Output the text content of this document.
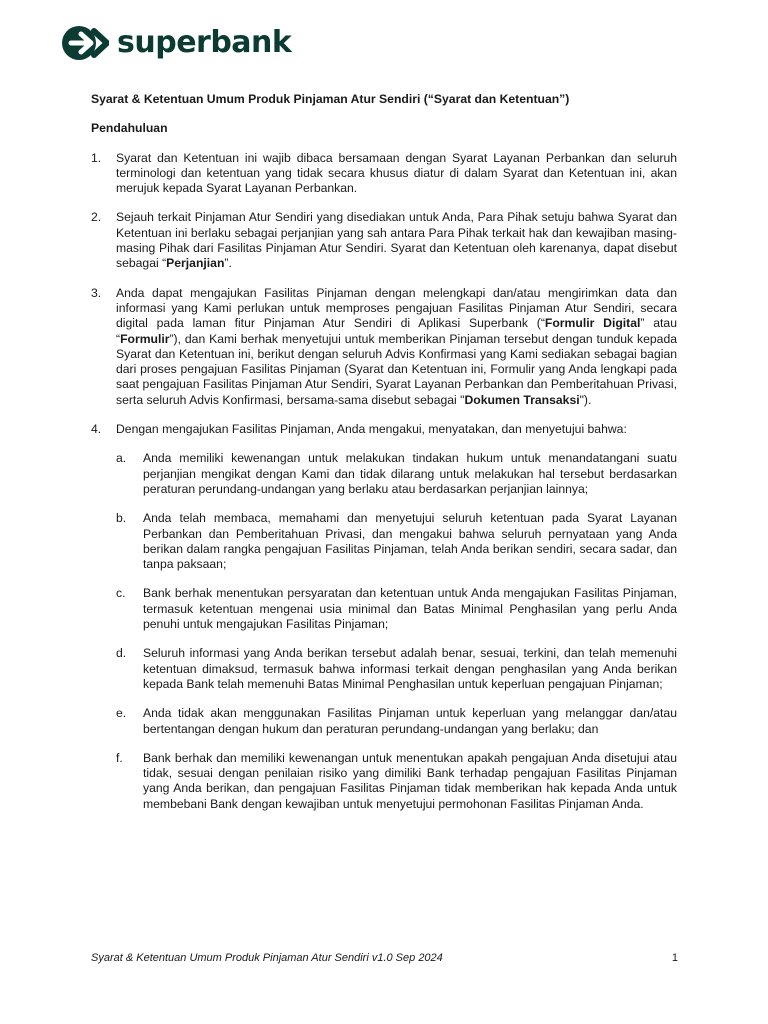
superbank

Syarat & Ketentuan Umum Produk Pinjaman Atur Sendiri (“Syarat dan Ketentuan”)

Pendahuluan

1.	Syarat dan Ketentuan ini wajib dibaca bersamaan dengan Syarat Layanan Perbankan dan seluruh terminologi dan ketentuan yang tidak secara khusus diatur di dalam Syarat dan Ketentuan ini, akan merujuk kepada Syarat Layanan Perbankan.

2.	Sejauh terkait Pinjaman Atur Sendiri yang disediakan untuk Anda, Para Pihak setuju bahwa Syarat dan Ketentuan ini berlaku sebagai perjanjian yang sah antara Para Pihak terkait hak dan kewajiban masing-masing Pihak dari Fasilitas Pinjaman Atur Sendiri. Syarat dan Ketentuan oleh karenanya, dapat disebut sebagai “Perjanjian”.

3.	Anda dapat mengajukan Fasilitas Pinjaman dengan melengkapi dan/atau mengirimkan data dan informasi yang Kami perlukan untuk memproses pengajuan Fasilitas Pinjaman Atur Sendiri, secara digital pada laman fitur Pinjaman Atur Sendiri di Aplikasi Superbank (“Formulir Digital” atau “Formulir”), dan Kami berhak menyetujui untuk memberikan Pinjaman tersebut dengan tunduk kepada Syarat dan Ketentuan ini, berikut dengan seluruh Advis Konfirmasi yang Kami sediakan sebagai bagian dari proses pengajuan Fasilitas Pinjaman (Syarat dan Ketentuan ini, Formulir yang Anda lengkapi pada saat pengajuan Fasilitas Pinjaman Atur Sendiri, Syarat Layanan Perbankan dan Pemberitahuan Privasi, serta seluruh Advis Konfirmasi, bersama-sama disebut sebagai "Dokumen Transaksi").

4.	Dengan mengajukan Fasilitas Pinjaman, Anda mengakui, menyatakan, dan menyetujui bahwa:

a.	Anda memiliki kewenangan untuk melakukan tindakan hukum untuk menandatangani suatu perjanjian mengikat dengan Kami dan tidak dilarang untuk melakukan hal tersebut berdasarkan peraturan perundang-undangan yang berlaku atau berdasarkan perjanjian lainnya;

b.	Anda telah membaca, memahami dan menyetujui seluruh ketentuan pada Syarat Layanan Perbankan dan Pemberitahuan Privasi, dan mengakui bahwa seluruh pernyataan yang Anda berikan dalam rangka pengajuan Fasilitas Pinjaman, telah Anda berikan sendiri, secara sadar, dan tanpa paksaan;

c.	Bank berhak menentukan persyaratan dan ketentuan untuk Anda mengajukan Fasilitas Pinjaman, termasuk ketentuan mengenai usia minimal dan Batas Minimal Penghasilan yang perlu Anda penuhi untuk mengajukan Fasilitas Pinjaman;

d.	Seluruh informasi yang Anda berikan tersebut adalah benar, sesuai, terkini, dan telah memenuhi ketentuan dimaksud, termasuk bahwa informasi terkait dengan penghasilan yang Anda berikan kepada Bank telah memenuhi Batas Minimal Penghasilan untuk keperluan pengajuan Pinjaman;

e.	Anda tidak akan menggunakan Fasilitas Pinjaman untuk keperluan yang melanggar dan/atau bertentangan dengan hukum dan peraturan perundang-undangan yang berlaku; dan

f.	Bank berhak dan memiliki kewenangan untuk menentukan apakah pengajuan Anda disetujui atau tidak, sesuai dengan penilaian risiko yang dimiliki Bank terhadap pengajuan Fasilitas Pinjaman yang Anda berikan, dan pengajuan Fasilitas Pinjaman tidak memberikan hak kepada Anda untuk membebani Bank dengan kewajiban untuk menyetujui permohonan Fasilitas Pinjaman Anda.

Syarat & Ketentuan Umum Produk Pinjaman Atur Sendiri v1.0 Sep 2024	1
